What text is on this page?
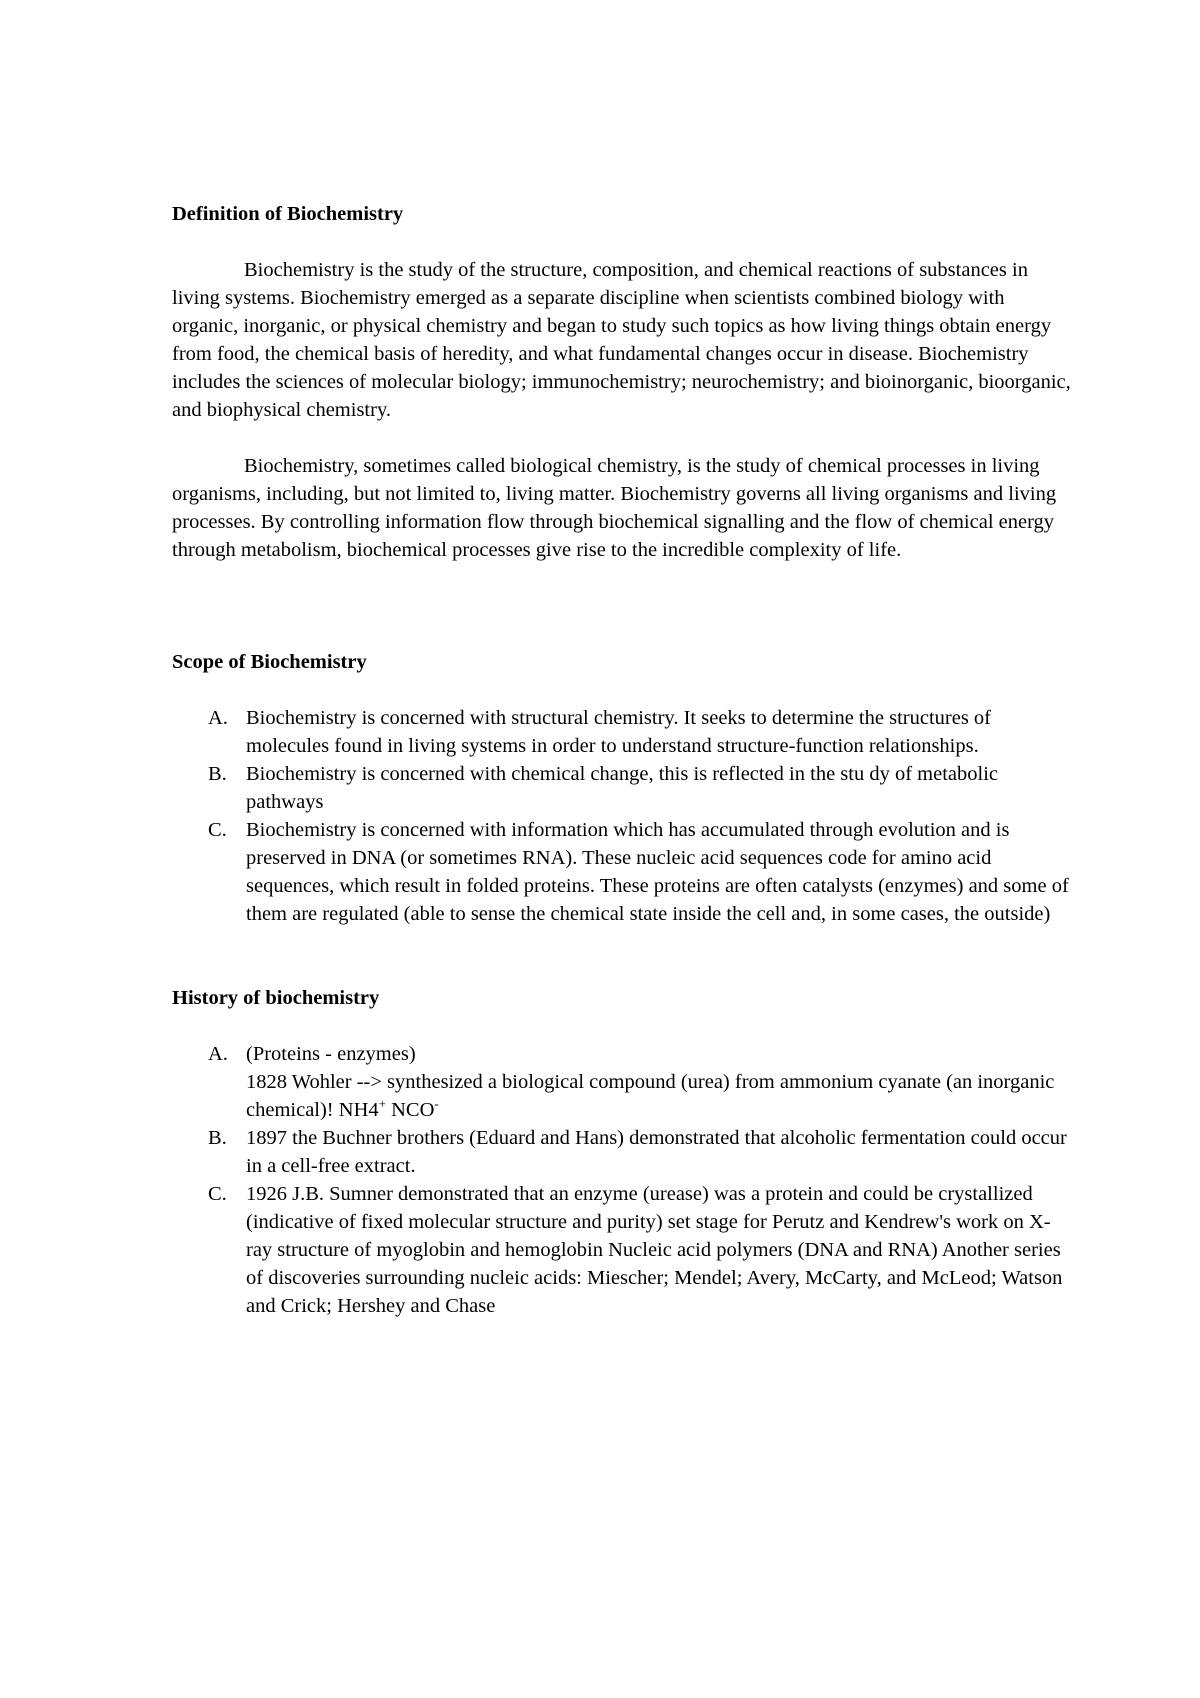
Definition of Biochemistry

Biochemistry is the study of the structure, composition, and chemical reactions of substances in living systems. Biochemistry emerged as a separate discipline when scientists combined biology with organic, inorganic, or physical chemistry and began to study such topics as how living things obtain energy from food, the chemical basis of heredity, and what fundamental changes occur in disease. Biochemistry includes the sciences of molecular biology; immunochemistry; neurochemistry; and bioinorganic, bioorganic, and biophysical chemistry.

Biochemistry, sometimes called biological chemistry, is the study of chemical processes in living organisms, including, but not limited to, living matter. Biochemistry governs all living organisms and living processes. By controlling information flow through biochemical signalling and the flow of chemical energy through metabolism, biochemical processes give rise to the incredible complexity of life.

Scope of Biochemistry

A. Biochemistry is concerned with structural chemistry. It seeks to determine the structures of molecules found in living systems in order to understand structure-function relationships.
B. Biochemistry is concerned with chemical change, this is reflected in the stu dy of metabolic pathways
C. Biochemistry is concerned with information which has accumulated through evolution and is preserved in DNA (or sometimes RNA). These nucleic acid sequences code for amino acid sequences, which result in folded proteins. These proteins are often catalysts (enzymes) and some of them are regulated (able to sense the chemical state inside the cell and, in some cases, the outside)

History of biochemistry

A. (Proteins - enzymes)
1828 Wohler --> synthesized a biological compound (urea) from ammonium cyanate (an inorganic chemical)! NH4+ NCO-
B. 1897 the Buchner brothers (Eduard and Hans) demonstrated that alcoholic fermentation could occur in a cell-free extract.
C. 1926 J.B. Sumner demonstrated that an enzyme (urease) was a protein and could be crystallized (indicative of fixed molecular structure and purity) set stage for Perutz and Kendrew's work on X-ray structure of myoglobin and hemoglobin Nucleic acid polymers (DNA and RNA) Another series of discoveries surrounding nucleic acids: Miescher; Mendel; Avery, McCarty, and McLeod; Watson and Crick; Hershey and Chase
